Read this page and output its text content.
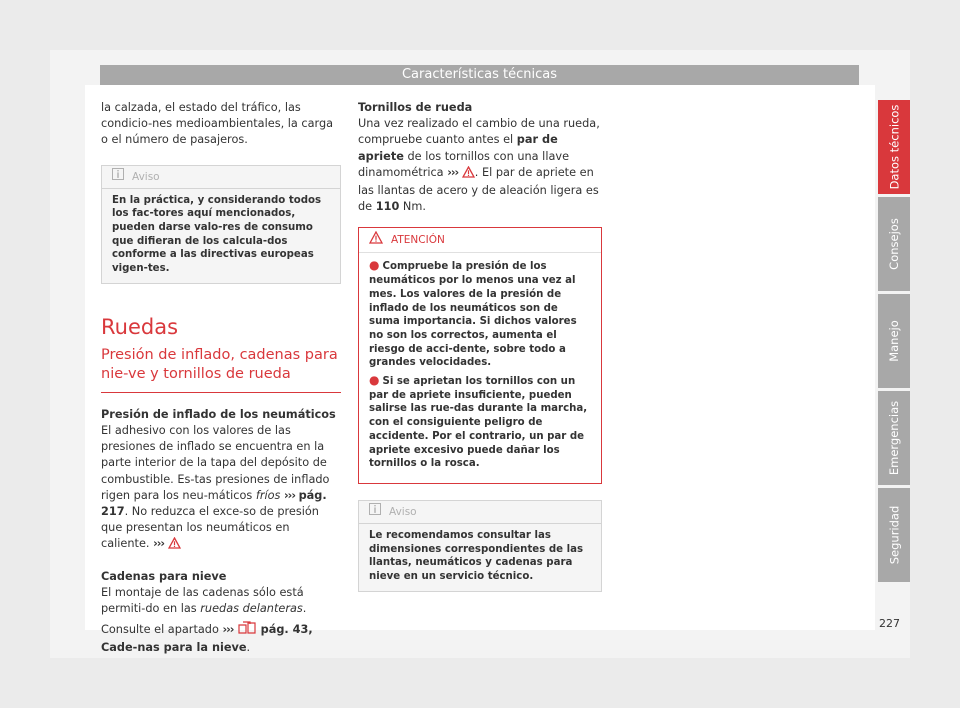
Características técnicas

la calzada, el estado del tráfico, las condicio-nes medioambientales, la carga o el número de pasajeros.

Aviso
En la práctica, y considerando todos los fac-tores aquí mencionados, pueden darse valo-res de consumo que difieran de los calcula-dos conforme a las directivas europeas vigen-tes.
Ruedas
Presión de inflado, cadenas para nie-ve y tornillos de rueda

Presión de inflado de los neumáticos

El adhesivo con los valores de las presiones de inflado se encuentra en la parte interior de la tapa del depósito de combustible. Es-tas presiones de inflado rigen para los neu-máticos fríos ››› pág. 217. No reduzca el exce-so de presión que presentan los neumáticos en caliente. ›››

Cadenas para nieve

El montaje de las cadenas sólo está permiti-do en las ruedas delanteras.

Consulte el apartado ››› pág. 43, Cade-nas para la nieve.

Tornillos de rueda

Una vez realizado el cambio de una rueda, compruebe cuanto antes el par de apriete de los tornillos con una llave dinamométrica ››› . El par de apriete en las llantas de acero y de aleación ligera es de 110 Nm.

ATENCIÓN
● Compruebe la presión de los neumáticos por lo menos una vez al mes. Los valores de la presión de inflado de los neumáticos son de suma importancia. Si dichos valores no son los correctos, aumenta el riesgo de acci-dente, sobre todo a grandes velocidades.
● Si se aprietan los tornillos con un par de apriete insuficiente, pueden salirse las rue-das durante la marcha, con el consiguiente peligro de accidente. Por el contrario, un par de apriete excesivo puede dañar los tornillos o la rosca.
Aviso
Le recomendamos consultar las dimensiones correspondientes de las llantas, neumáticos y cadenas para nieve en un servicio técnico.
Datos técnicos
Consejos
Manejo
Emergencias
Seguridad
227
